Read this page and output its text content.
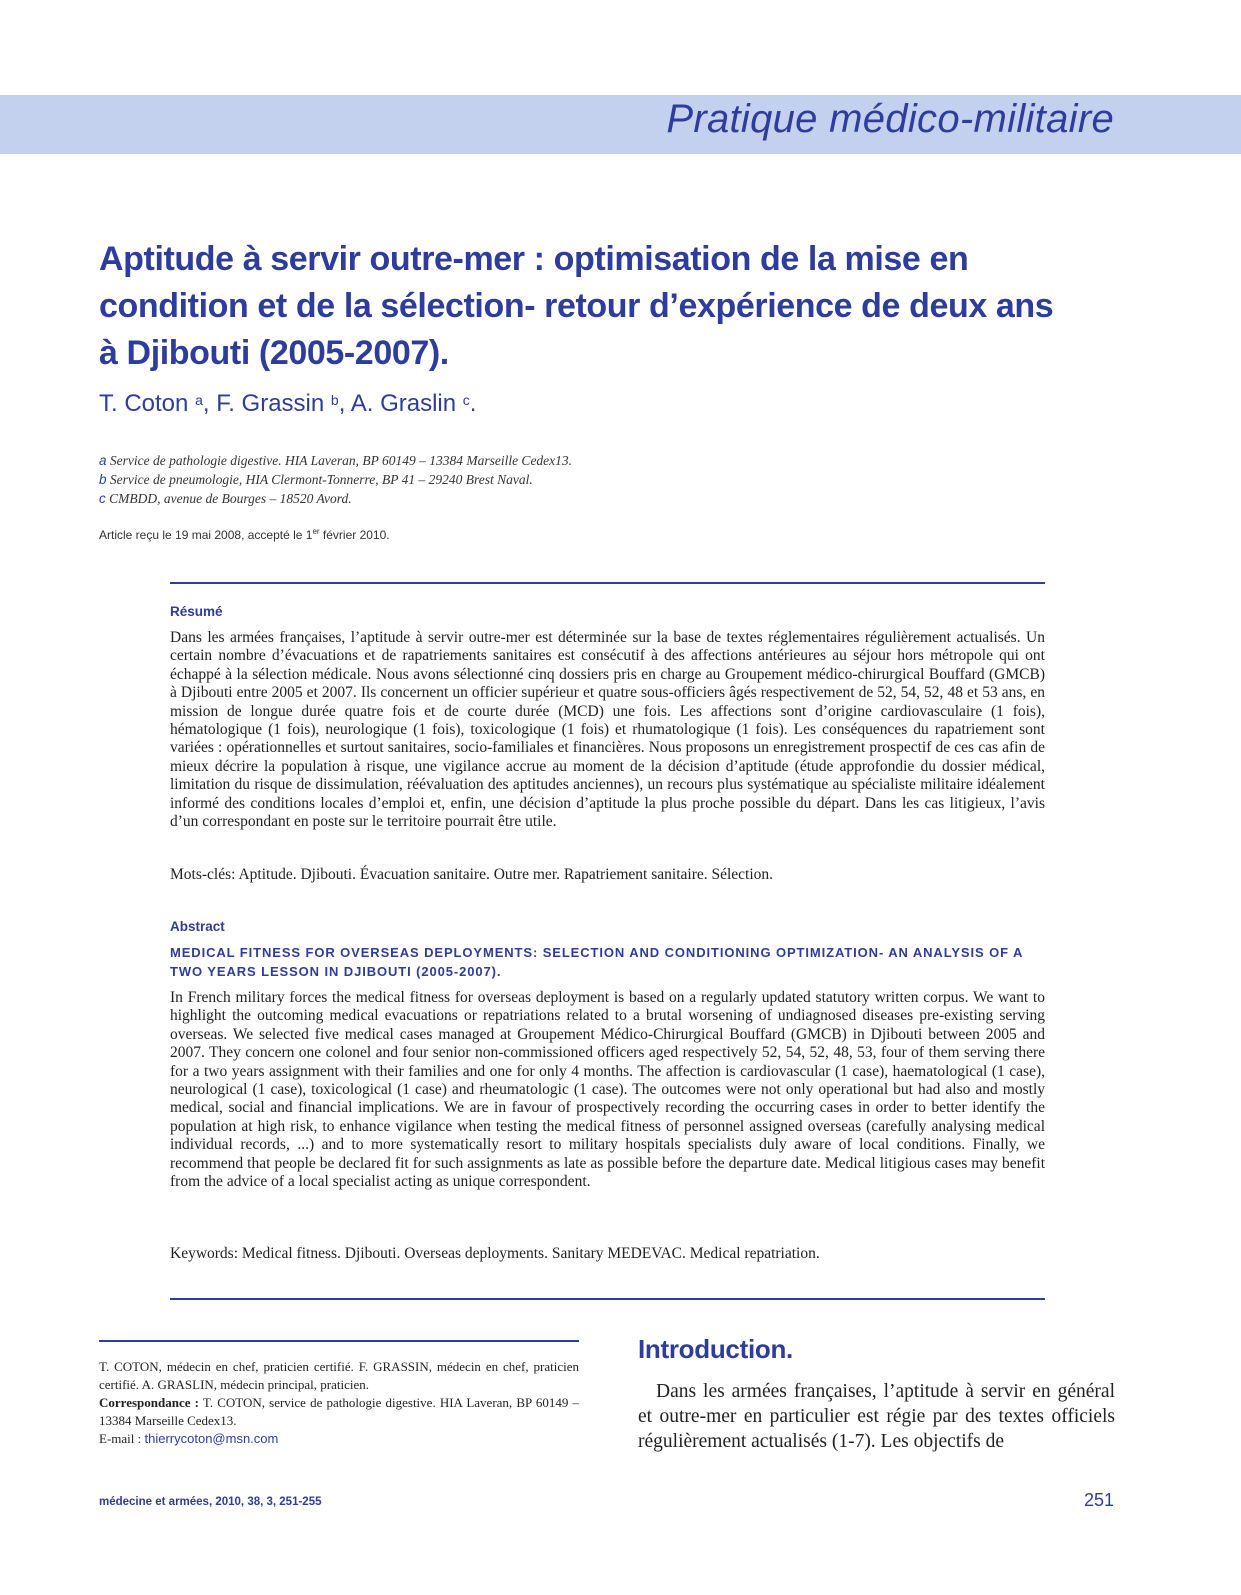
Pratique médico-militaire
Aptitude à servir outre-mer : optimisation de la mise en
condition et de la sélection- retour d’expérience de deux ans
à Djibouti (2005-2007).
T. Coton $^a$, F. Grassin $^b$, A. Graslin $^c$.
a Service de pathologie digestive. HIA Laveran, BP 60149 – 13384 Marseille Cedex13.
b Service de pneumologie, HIA Clermont-Tonnerre, BP 41 – 29240 Brest Naval.
c CMBDD, avenue de Bourges – 18520 Avord.
Article reçu le 19 mai 2008, accepté le 1er février 2010.
Résumé

Dans les armées françaises, l’aptitude à servir outre-mer est déterminée sur la base de textes réglementaires régulièrement actualisés. Un certain nombre d’évacuations et de rapatriements sanitaires est consécutif à des affections antérieures au séjour hors métropole qui ont échappé à la sélection médicale. Nous avons sélectionné cinq dossiers pris en charge au Groupement médico-chirurgical Bouffard (GMCB) à Djibouti entre 2005 et 2007. Ils concernent un officier supérieur et quatre sous-officiers âgés respectivement de 52, 54, 52, 48 et 53 ans, en mission de longue durée quatre fois et de courte durée (MCD) une fois. Les affections sont d’origine cardiovasculaire (1 fois), hématologique (1 fois), neurologique (1 fois), toxicologique (1 fois) et rhumatologique (1 fois). Les conséquences du rapatriement sont variées : opérationnelles et surtout sanitaires, socio-familiales et financières. Nous proposons un enregistrement prospectif de ces cas afin de mieux décrire la population à risque, une vigilance accrue au moment de la décision d’aptitude (étude approfondie du dossier médical, limitation du risque de dissimulation, réévaluation des aptitudes anciennes), un recours plus systématique au spécialiste militaire idéalement informé des conditions locales d’emploi et, enfin, une décision d’aptitude la plus proche possible du départ. Dans les cas litigieux, l’avis d’un correspondant en poste sur le territoire pourrait être utile.

Mots-clés: Aptitude. Djibouti. Évacuation sanitaire. Outre mer. Rapatriement sanitaire. Sélection.
Abstract
MEDICAL FITNESS FOR OVERSEAS DEPLOYMENTS: SELECTION AND CONDITIONING OPTIMIZATION- AN ANALYSIS OF A TWO YEARS LESSON IN DJIBOUTI (2005-2007).

In French military forces the medical fitness for overseas deployment is based on a regularly updated statutory written corpus. We want to highlight the outcoming medical evacuations or repatriations related to a brutal worsening of undiagnosed diseases pre-existing serving overseas. We selected five medical cases managed at Groupement Médico-Chirurgical Bouffard (GMCB) in Djibouti between 2005 and 2007. They concern one colonel and four senior non-commissioned officers aged respectively 52, 54, 52, 48, 53, four of them serving there for a two years assignment with their families and one for only 4 months. The affection is cardiovascular (1 case), haematological (1 case), neurological (1 case), toxicological (1 case) and rheumatologic (1 case). The outcomes were not only operational but had also and mostly medical, social and financial implications. We are in favour of prospectively recording the occurring cases in order to better identify the population at high risk, to enhance vigilance when testing the medical fitness of personnel assigned overseas (carefully analysing medical individual records, ...) and to more systematically resort to military hospitals specialists duly aware of local conditions. Finally, we recommend that people be declared fit for such assignments as late as possible before the departure date. Medical litigious cases may benefit from the advice of a local specialist acting as unique correspondent.

Keywords: Medical fitness. Djibouti. Overseas deployments. Sanitary MEDEVAC. Medical repatriation.

T. COTON, médecin en chef, praticien certifié. F. GRASSIN, médecin en chef, praticien certifié. A. GRASLIN, médecin principal, praticien.

Correspondance : T. COTON, service de pathologie digestive. HIA Laveran, BP 60149 –13384 Marseille Cedex13.

E-mail : thierrycoton@msn.com

Introduction.

Dans les armées françaises, l’aptitude à servir en général et outre-mer en particulier est régie par des textes officiels régulièrement actualisés (1-7). Les objectifs de

médecine et armées, 2010, 38, 3, 251-255	251
